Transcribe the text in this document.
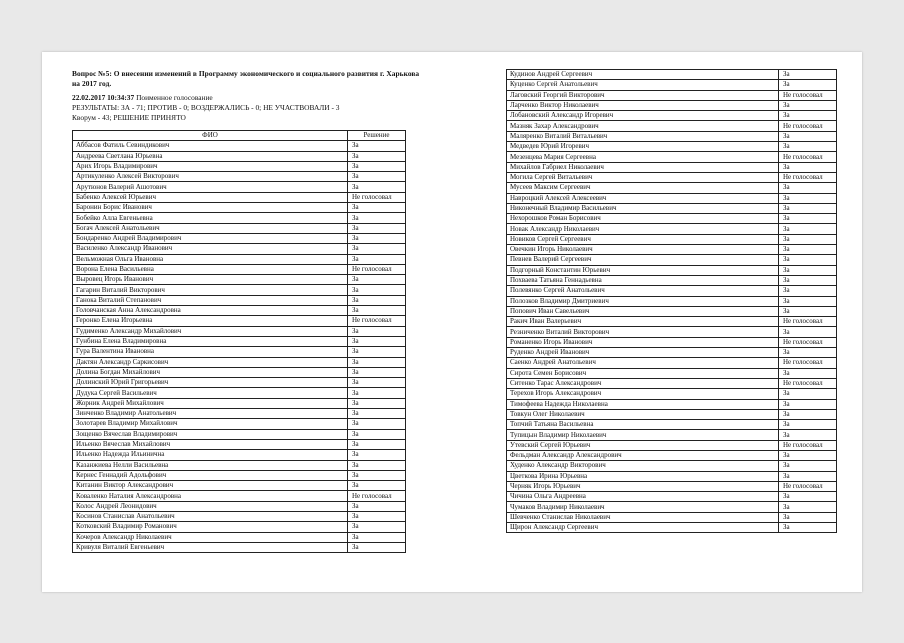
Вопрос №5: О внесении изменений в Программу экономического и социального развития г. Харькова на 2017 год.
22.02.2017 10:34:37 Поименное голосование
РЕЗУЛЬТАТЫ: ЗА - 71; ПРОТИВ - 0; ВОЗДЕРЖАЛИСЬ - 0; НЕ УЧАСТВОВАЛИ - 3
Кворум - 43; РЕШЕНИЕ ПРИНЯТО
ФИО	Решение
Аббасов Фатиль Севиндикович	За
Андреева Светлана Юрьевна	За
Арих Игорь Владимирович	За
Артикуленко Алексей Викторович	За
Арутюнов Валерий Ашотович	За
Бабенко Алексей Юрьевич	Не голосовал
Баронин Борис Иванович	За
Бобейко Алла Евгеньевна	За
Богач Алексей Анатольевич	За
Бондаренко Андрей Владимирович	За
Василенко Александр Иванович	За
Вельможная Ольга Ивановна	За
Ворона Елена Васильевна	Не голосовал
Выровец Игорь Иванович	За
Гагарин Виталий Викторович	За
Ганока Виталий Степанович	За
Головчанская Анна Александровна	За
Геронко Елена Игорьевна	Не голосовал
Гудименко Александр Михайлович	За
Гунбина Елена Владимировна	За
Гура Валентина Ивановна	За
Дактян Александр Саркисович	За
Долина Богдан Михайлович	За
Долинский Юрий Григорьевич	За
Дудука Сергей Васильевич	За
Жорник Андрей Михайлович	За
Зинченко Владимир Анатольевич	За
Золотарев Владимир Михайлович	За
Зощенко Вячеслав Владимирович	За
Ильенко Вячеслав Михайлович	За
Ильенко Надежда Ильинична	За
Казанжиева Нелли Васильевна	За
Кернес Геннадий Адольфович	За
Китанин Виктор Александрович	За
Коваленко Наталия Александровна	Не голосовал
Колос Андрей Леонидович	За
Косинов Станислав Анатольевич	За
Котковский Владимир Романович	За
Кочеров Александр Николаевич	За
Кривуля Виталий Евгеньевич	За
Кудинов Андрей Сергеевич	За
Куценко Сергей Анатольевич	За
Лаговский Георгий Викторович	Не голосовал
Ларченко Виктор Николаевич	За
Лобановский Александр Игоревич	За
Мазняк Захар Александрович	Не голосовал
Маляренко Виталий Витальевич	За
Медведев Юрий Игоревич	За
Мезенцева Мария Сергеевна	Не голосовал
Михайлов Габриел Николаевич	За
Могила Сергей Витальевич	Не голосовал
Мусеев Максим Сергеевич	За
Навроцкий Алексей Алексеевич	За
Никонечный Владимир Васильевич	За
Нехорошков Роман Борисович	За
Новак Александр Николаевич	За
Новиков Сергей Сергеевич	За
Овечкин Игорь Николаевич	За
Певнев Валерий Сергеевич	За
Подгорный Константин Юрьевич	За
Похваева Татьяна Геннадьевна	За
Полевянко Сергей Анатольевич	За
Полозков Владимир Дмитриевич	За
Попович Иван Савельевич	За
Ракич Иван Валерьевич	Не голосовал
Резниченко Виталий Викторович	За
Романенко Игорь Иванович	Не голосовал
Руденко Андрей Иванович	За
Саенко Андрей Анатольевич	Не голосовал
Сирота Семен Борисович	За
Ситенко Тарас Александрович	Не голосовал
Терехов Игорь Александрович	За
Тимофеева Надежда Николаевна	За
Товкун Олег Николаевич	За
Топчий Татьяна Васильевна	За
Тупицын Владимир Николаевич	За
Утевский Сергей Юрьевич	Не голосовал
Фельдман Александр Александрович	За
Худенко Александр Викторович	За
Цветкова Ирина Юрьевна	За
Черняк Игорь Юрьевич	Не голосовал
Чичина Ольга Андреевна	За
Чумаков Владимир Николаевич	За
Шевченко Станислав Николаевич	За
Щирон Александр Сергеевич	За
